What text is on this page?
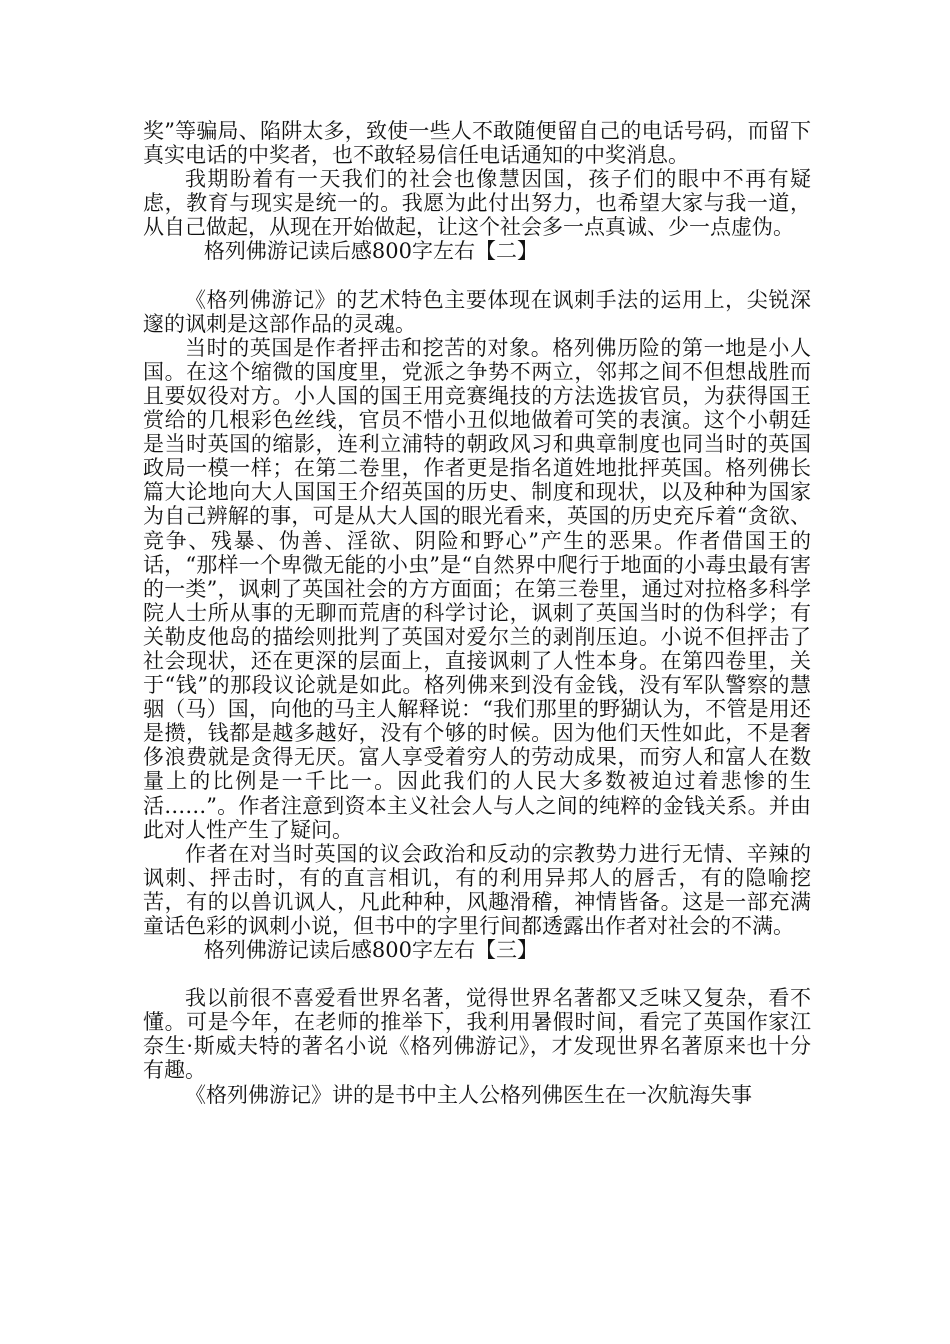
奖”等骗局、陷阱太多，致使一些人不敢随便留自己的电话号码，而留下真实电话的中奖者，也不敢轻易信任电话通知的中奖消息。

我期盼着有一天我们的社会也像慧因国，孩子们的眼中不再有疑虑，教育与现实是统一的。我愿为此付出努力，也希望大家与我一道，从自己做起，从现在开始做起，让这个社会多一点真诚、少一点虚伪。

格列佛游记读后感800字左右【二】

《格列佛游记》的艺术特色主要体现在讽刺手法的运用上，尖锐深邃的讽刺是这部作品的灵魂。

当时的英国是作者抨击和挖苦的对象。格列佛历险的第一地是小人国。在这个缩微的国度里，党派之争势不两立，邻邦之间不但想战胜而且要奴役对方。小人国的国王用竞赛绳技的方法选拔官员，为获得国王赏给的几根彩色丝线，官员不惜小丑似地做着可笑的表演。这个小朝廷是当时英国的缩影，连利立浦特的朝政风习和典章制度也同当时的英国政局一模一样；在第二卷里，作者更是指名道姓地批抨英国。格列佛长篇大论地向大人国国王介绍英国的历史、制度和现状，以及种种为国家为自己辨解的事，可是从大人国的眼光看来，英国的历史充斥着“贪欲、竞争、残暴、伪善、淫欲、阴险和野心”产生的恶果。作者借国王的话，“那样一个卑微无能的小虫”是“自然界中爬行于地面的小毒虫最有害的一类”，讽刺了英国社会的方方面面；在第三卷里，通过对拉格多科学院人士所从事的无聊而荒唐的科学讨论，讽刺了英国当时的伪科学；有关勒皮他岛的描绘则批判了英国对爱尔兰的剥削压迫。小说不但抨击了社会现状，还在更深的层面上，直接讽刺了人性本身。在第四卷里，关于“钱”的那段议论就是如此。格列佛来到没有金钱，没有军队警察的慧骃（马）国，向他的马主人解释说：“我们那里的野猢认为，不管是用还是攒，钱都是越多越好，没有个够的时候。因为他们天性如此，不是奢侈浪费就是贪得无厌。富人享受着穷人的劳动成果，而穷人和富人在数量上的比例是一千比一。因此我们的人民大多数被迫过着悲惨的生活……”。作者注意到资本主义社会人与人之间的纯粹的金钱关系。并由此对人性产生了疑问。

作者在对当时英国的议会政治和反动的宗教势力进行无情、辛辣的讽刺、抨击时，有的直言相讥，有的利用异邦人的唇舌，有的隐喻挖苦，有的以兽讥讽人，凡此种种，风趣滑稽，神情皆备。这是一部充满童话色彩的讽刺小说，但书中的字里行间都透露出作者对社会的不满。

格列佛游记读后感800字左右【三】

我以前很不喜爱看世界名著，觉得世界名著都又乏味又复杂，看不懂。可是今年，在老师的推举下，我利用暑假时间，看完了英国作家江奈生·斯威夫特的著名小说《格列佛游记》，才发现世界名著原来也十分有趣。

《格列佛游记》讲的是书中主人公格列佛医生在一次航海失事
